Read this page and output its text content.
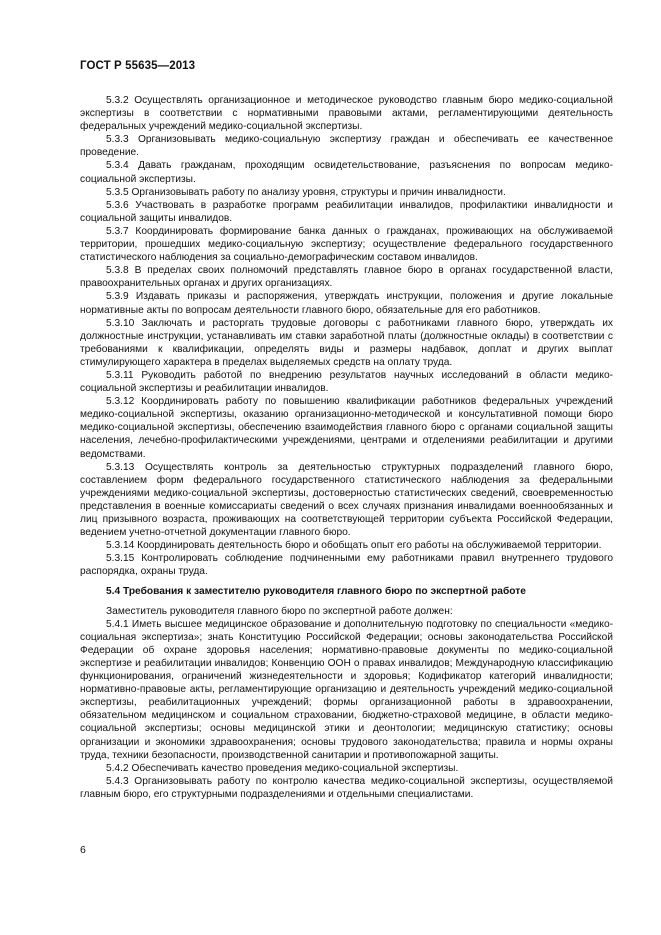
ГОСТ Р 55635—2013

5.3.2 Осуществлять организационное и методическое руководство главным бюро медико-социальной экспертизы в соответствии с нормативными правовыми актами, регламентирующими деятельность федеральных учреждений медико-социальной экспертизы.

5.3.3 Организовывать медико-социальную экспертизу граждан и обеспечивать ее качественное проведение.

5.3.4 Давать гражданам, проходящим освидетельствование, разъяснения по вопросам медико-социальной экспертизы.

5.3.5 Организовывать работу по анализу уровня, структуры и причин инвалидности.

5.3.6 Участвовать в разработке программ реабилитации инвалидов, профилактики инвалидности и социальной защиты инвалидов.

5.3.7 Координировать формирование банка данных о гражданах, проживающих на обслуживаемой территории, прошедших медико-социальную экспертизу; осуществление федерального государственного статистического наблюдения за социально-демографическим составом инвалидов.

5.3.8 В пределах своих полномочий представлять главное бюро в органах государственной власти, правоохранительных органах и других организациях.

5.3.9 Издавать приказы и распоряжения, утверждать инструкции, положения и другие локальные нормативные акты по вопросам деятельности главного бюро, обязательные для его работников.

5.3.10 Заключать и расторгать трудовые договоры с работниками главного бюро, утверждать их должностные инструкции, устанавливать им ставки заработной платы (должностные оклады) в соответствии с требованиями к квалификации, определять виды и размеры надбавок, доплат и других выплат стимулирующего характера в пределах выделяемых средств на оплату труда.

5.3.11 Руководить работой по внедрению результатов научных исследований в области медико-социальной экспертизы и реабилитации инвалидов.

5.3.12 Координировать работу по повышению квалификации работников федеральных учреждений медико-социальной экспертизы, оказанию организационно-методической и консультативной помощи бюро медико-социальной экспертизы, обеспечению взаимодействия главного бюро с органами социальной защиты населения, лечебно-профилактическими учреждениями, центрами и отделениями реабилитации и другими ведомствами.

5.3.13 Осуществлять контроль за деятельностью структурных подразделений главного бюро, составлением форм федерального государственного статистического наблюдения за федеральными учреждениями медико-социальной экспертизы, достоверностью статистических сведений, своевременностью представления в военные комиссариаты сведений о всех случаях признания инвалидами военнообязанных и лиц призывного возраста, проживающих на соответствующей территории субъекта Российской Федерации, ведением учетно-отчетной документации главного бюро.

5.3.14 Координировать деятельность бюро и обобщать опыт его работы на обслуживаемой территории.

5.3.15 Контролировать соблюдение подчиненными ему работниками правил внутреннего трудового распорядка, охраны труда.

5.4 Требования к заместителю руководителя главного бюро по экспертной работе

Заместитель руководителя главного бюро по экспертной работе должен:

5.4.1 Иметь высшее медицинское образование и дополнительную подготовку по специальности «медико-социальная экспертиза»; знать Конституцию Российской Федерации; основы законодательства Российской Федерации об охране здоровья населения; нормативно-правовые документы по медико-социальной экспертизе и реабилитации инвалидов; Конвенцию ООН о правах инвалидов; Международную классификацию функционирования, ограничений жизнедеятельности и здоровья; Кодификатор категорий инвалидности; нормативно-правовые акты, регламентирующие организацию и деятельность учреждений медико-социальной экспертизы, реабилитационных учреждений; формы организационной работы в здравоохранении, обязательном медицинском и социальном страховании, бюджетно-страховой медицине, в области медико-социальной экспертизы; основы медицинской этики и деонтологии; медицинскую статистику; основы организации и экономики здравоохранения; основы трудового законодательства; правила и нормы охраны труда, техники безопасности, производственной санитарии и противопожарной защиты.

5.4.2 Обеспечивать качество проведения медико-социальной экспертизы.

5.4.3 Организовывать работу по контролю качества медико-социальной экспертизы, осуществляемой главным бюро, его структурными подразделениями и отдельными специалистами.

6
